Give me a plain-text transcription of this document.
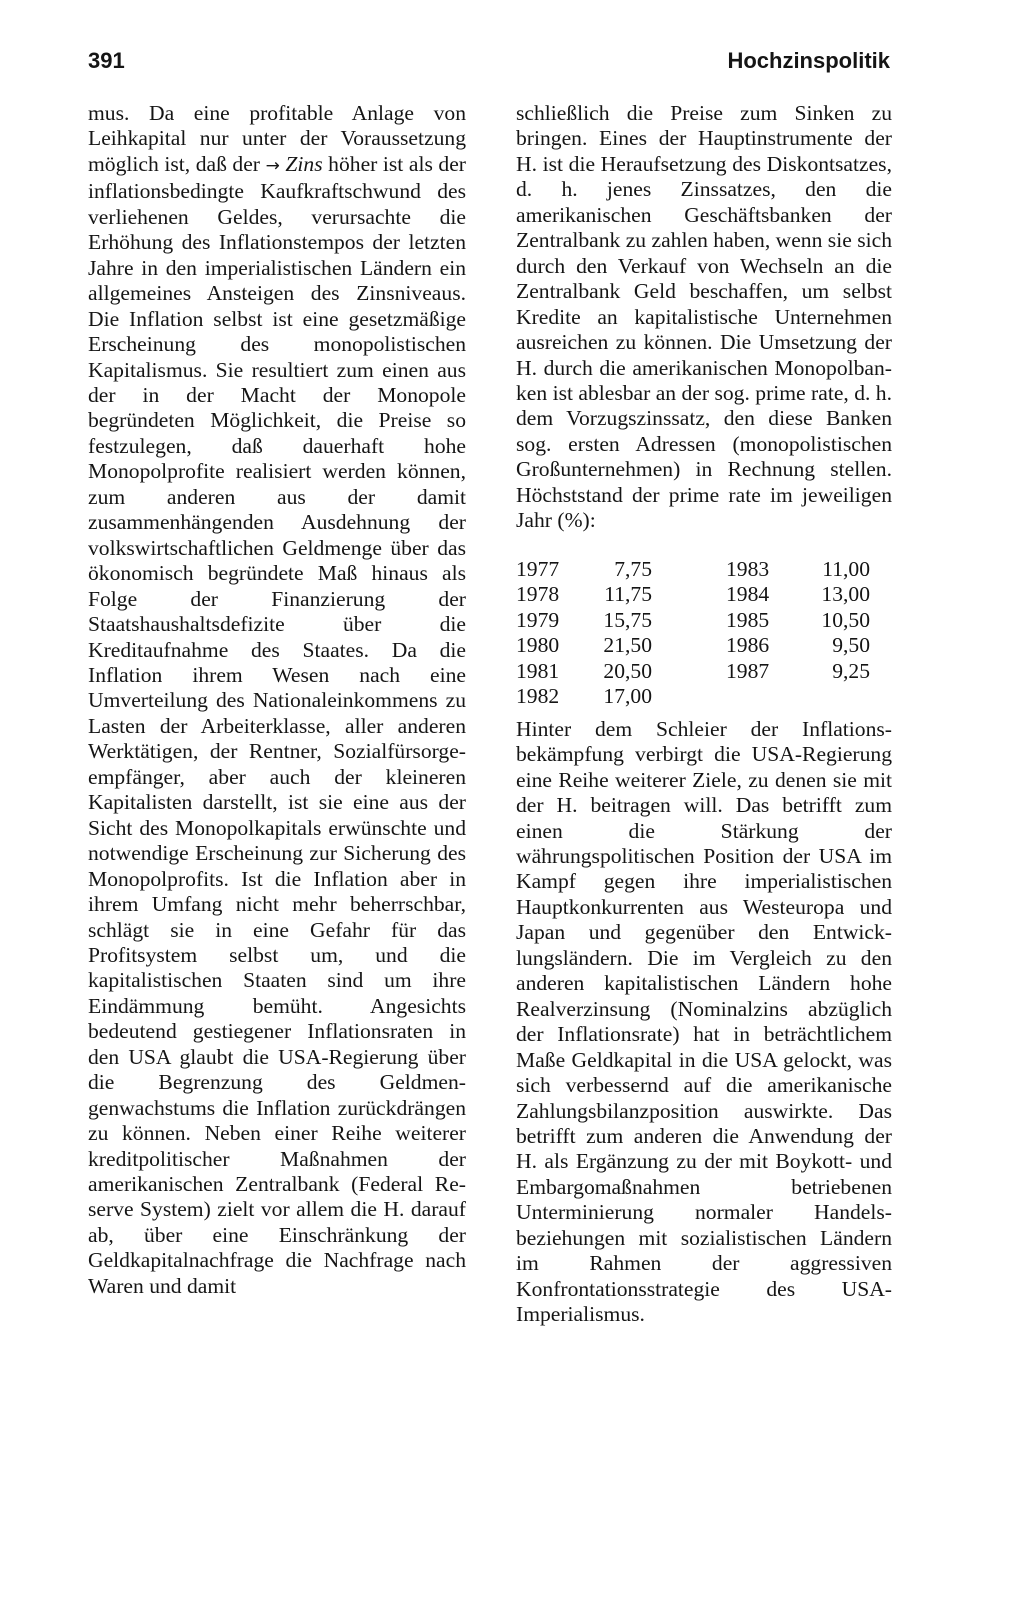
391	Hochzinspolitik

mus. Da eine profitable Anlage von Leihkapital nur unter der Voraussetzung möglich ist, daß der → Zins höher ist als der inflationsbedingte Kaufkraftschwund des verliehenen Geldes, verursachte die Erhöhung des Inflationstempos der letzten Jahre in den imperialistischen Ländern ein allgemeines Ansteigen des Zinsniveaus. Die Inflation selbst ist eine gesetzmäßige Erscheinung des monopolistischen Kapitalismus. Sie resultiert zum einen aus der in der Macht der Monopole begründeten Möglichkeit, die Preise so festzulegen, daß dauerhaft hohe Monopolprofite realisiert werden können, zum anderen aus der damit zusammenhängenden Ausdehnung der volkswirtschaftlichen Geldmenge über das ökonomisch begründete Maß hinaus als Folge der Finanzierung der Staatshaushaltsdefizite über die Kreditaufnahme des Staates. Da die Inflation ihrem Wesen nach eine Umverteilung des Nationaleinkommens zu Lasten der Arbeiterklasse, aller anderen Werktätigen, der Rentner, Sozialfürsorgeempfänger, aber auch der kleineren Kapitalisten darstellt, ist sie eine aus der Sicht des Monopolkapitals erwünschte und notwendige Erscheinung zur Sicherung des Monopolprofits. Ist die Inflation aber in ihrem Umfang nicht mehr beherrschbar, schlägt sie in eine Gefahr für das Profitsystem selbst um, und die kapitalistischen Staaten sind um ihre Eindämmung bemüht. Angesichts bedeutend gestiegener Inflationsraten in den USA glaubt die USA-Regierung über die Begrenzung des Geldmengenwachstums die Inflation zurückdrängen zu können. Neben einer Reihe weiterer kreditpolitischer Maßnahmen der amerikanischen Zentralbank (Federal Reserve System) zielt vor allem die H. darauf ab, über eine Einschränkung der Geldkapitalnachfrage die Nachfrage nach Waren und damit

schließlich die Preise zum Sinken zu bringen. Eines der Hauptinstrumente der H. ist die Heraufsetzung des Diskontsatzes, d. h. jenes Zinssatzes, den die amerikanischen Geschäftsbanken der Zentralbank zu zahlen haben, wenn sie sich durch den Verkauf von Wechseln an die Zentralbank Geld beschaffen, um selbst Kredite an kapitalistische Unternehmen ausreichen zu können. Die Umsetzung der H. durch die amerikanischen Monopolbanken ist ablesbar an der sog. prime rate, d. h. dem Vorzugszinssatz, den diese Banken sog. ersten Adressen (monopolistischen Großunternehmen) in Rechnung stellen. Höchststand der prime rate im jeweiligen Jahr (%):

1977	7,75		1983	11,00
1978	11,75		1984	13,00
1979	15,75		1985	10,50
1980	21,50		1986	9,50
1981	20,50		1987	9,25
1982	17,00			

Hinter dem Schleier der Inflationsbekämpfung verbirgt die USA-Regierung eine Reihe weiterer Ziele, zu denen sie mit der H. beitragen will. Das betrifft zum einen die Stärkung der währungspolitischen Position der USA im Kampf gegen ihre imperialistischen Hauptkonkurrenten aus Westeuropa und Japan und gegenüber den Entwicklungsländern. Die im Vergleich zu den anderen kapitalistischen Ländern hohe Realverzinsung (Nominalzins abzüglich der Inflationsrate) hat in beträchtlichem Maße Geldkapital in die USA gelockt, was sich verbessernd auf die amerikanische Zahlungsbilanzposition auswirkte. Das betrifft zum anderen die Anwendung der H. als Ergänzung zu der mit Boykott- und Embargomaßnahmen betriebenen Unterminierung normaler Handelsbeziehungen mit sozialistischen Ländern im Rahmen der aggressiven Konfrontationsstrategie des USA-Imperialismus.
